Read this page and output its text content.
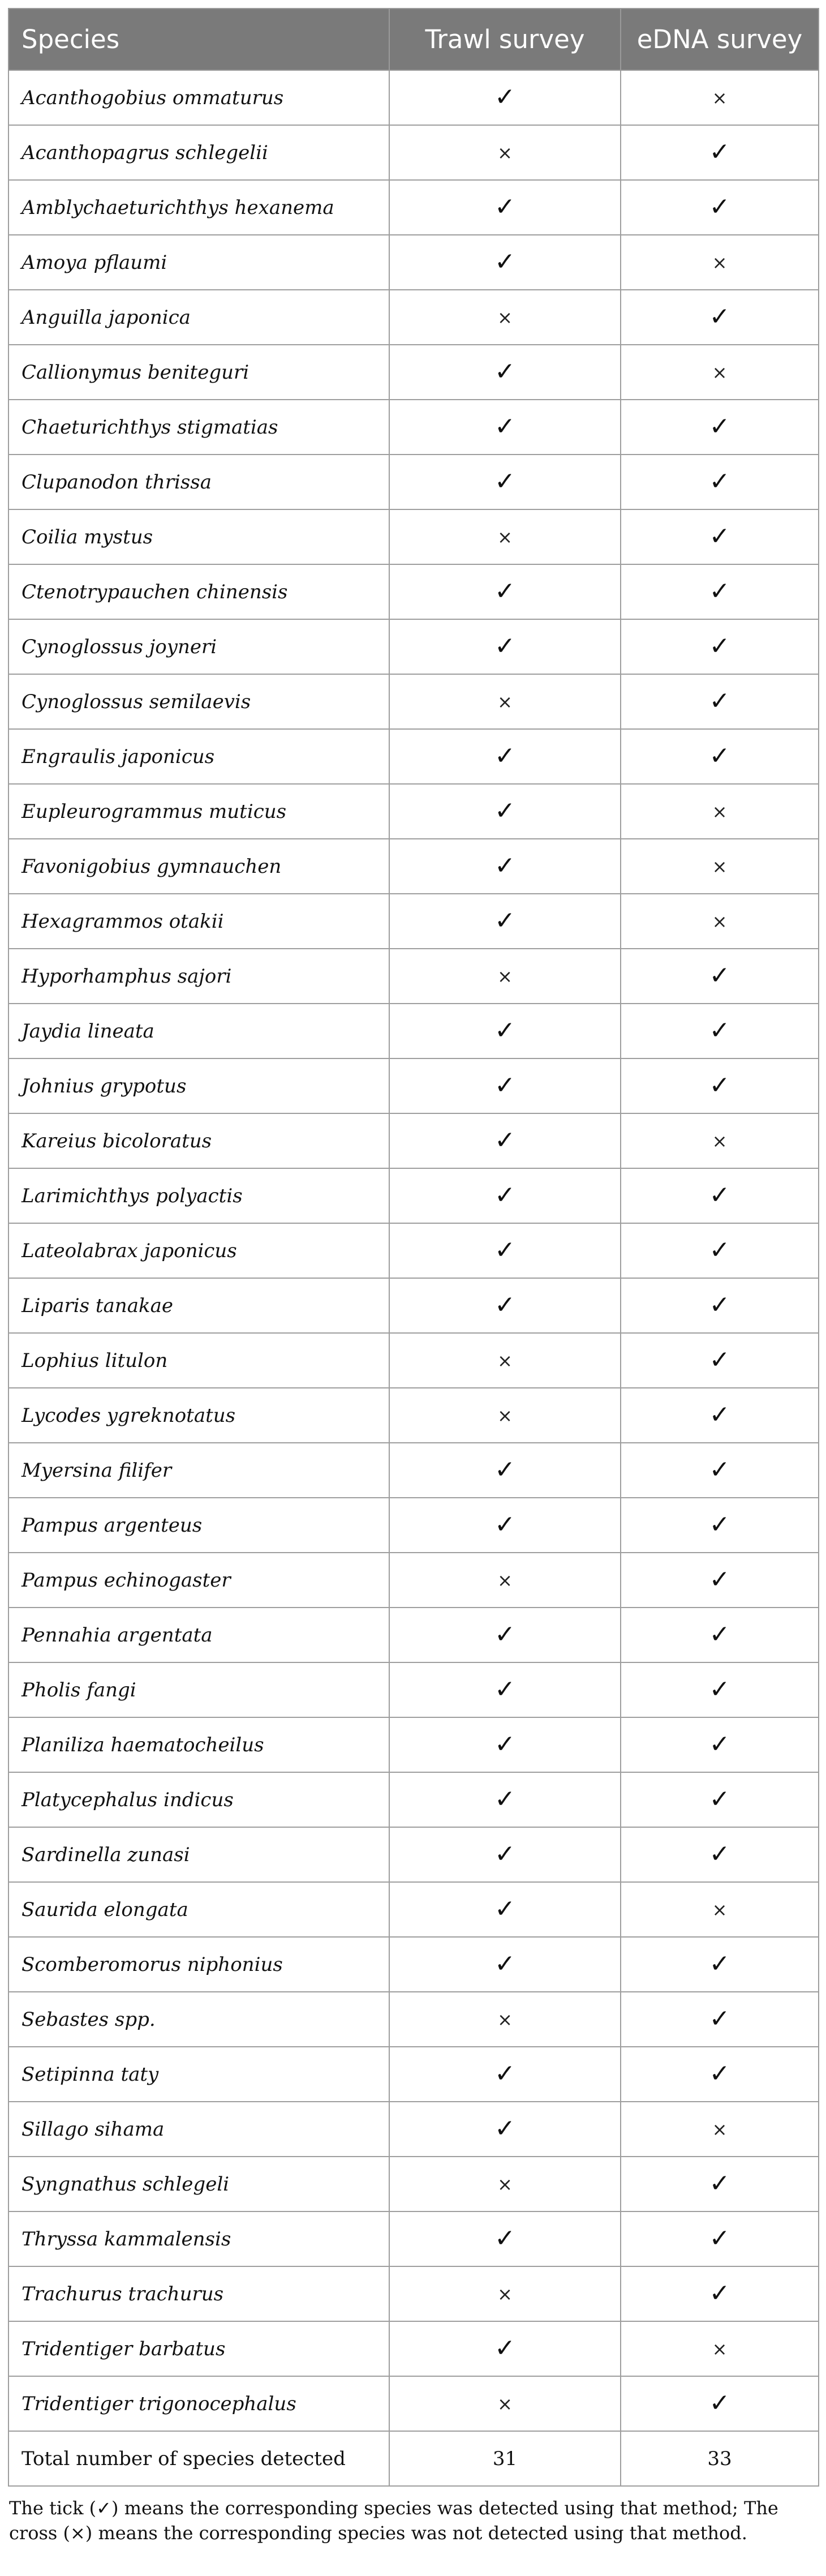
Species	Trawl survey	eDNA survey
Acanthogobius ommaturus	✓	×
Acanthopagrus schlegelii	×	✓
Amblychaeturichthys hexanema	✓	✓
Amoya pflaumi	✓	×
Anguilla japonica	×	✓
Callionymus beniteguri	✓	×
Chaeturichthys stigmatias	✓	✓
Clupanodon thrissa	✓	✓
Coilia mystus	×	✓
Ctenotrypauchen chinensis	✓	✓
Cynoglossus joyneri	✓	✓
Cynoglossus semilaevis	×	✓
Engraulis japonicus	✓	✓
Eupleurogrammus muticus	✓	×
Favonigobius gymnauchen	✓	×
Hexagrammos otakii	✓	×
Hyporhamphus sajori	×	✓
Jaydia lineata	✓	✓
Johnius grypotus	✓	✓
Kareius bicoloratus	✓	×
Larimichthys polyactis	✓	✓
Lateolabrax japonicus	✓	✓
Liparis tanakae	✓	✓
Lophius litulon	×	✓
Lycodes ygreknotatus	×	✓
Myersina filifer	✓	✓
Pampus argenteus	✓	✓
Pampus echinogaster	×	✓
Pennahia argentata	✓	✓
Pholis fangi	✓	✓
Planiliza haematocheilus	✓	✓
Platycephalus indicus	✓	✓
Sardinella zunasi	✓	✓
Saurida elongata	✓	×
Scomberomorus niphonius	✓	✓
Sebastes spp.	×	✓
Setipinna taty	✓	✓
Sillago sihama	✓	×
Syngnathus schlegeli	×	✓
Thryssa kammalensis	✓	✓
Trachurus trachurus	×	✓
Tridentiger barbatus	✓	×
Tridentiger trigonocephalus	×	✓
Total number of species detected	31	33
The tick (✓) means the corresponding species was detected using that method; The cross (×) means the corresponding species was not detected using that method.
